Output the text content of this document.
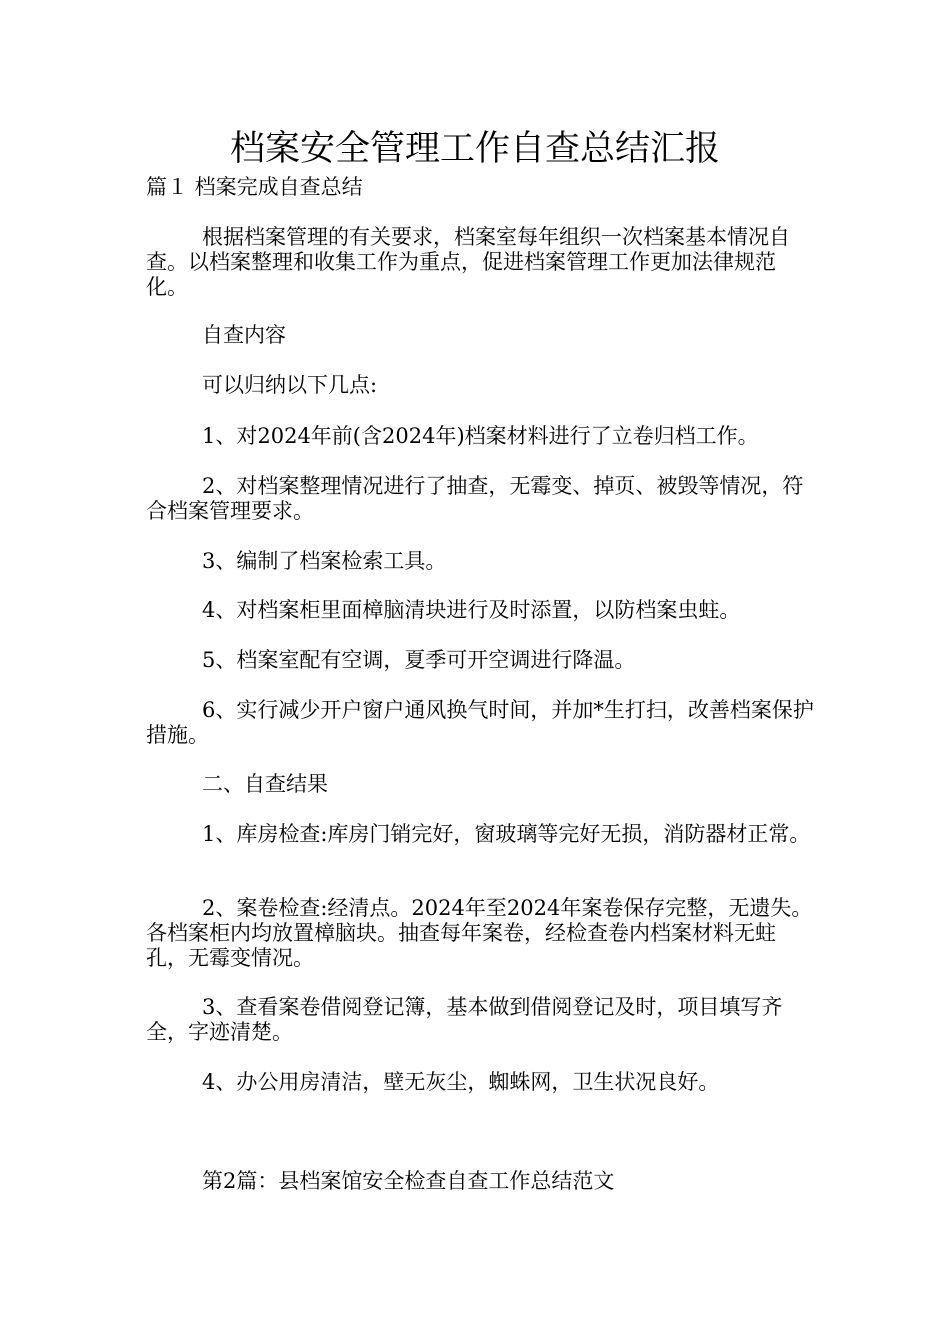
档案安全管理工作自查总结汇报
篇１ 档案完成自查总结

根据档案管理的有关要求，档案室每年组织一次档案基本情况自查。以档案整理和收集工作为重点，促进档案管理工作更加法律规范化。

自查内容

可以归纳以下几点:

1、对2024年前(含2024年)档案材料进行了立卷归档工作。

2、对档案整理情况进行了抽查，无霉变、掉页、被毁等情况，符合档案管理要求。

3、编制了档案检索工具。

4、对档案柜里面樟脑清块进行及时添置，以防档案虫蛀。

5、档案室配有空调，夏季可开空调进行降温。

6、实行减少开户窗户通风换气时间，并加*生打扫，改善档案保护措施。

二、自查结果

1、库房检查:库房门销完好，窗玻璃等完好无损，消防器材正常。

2、案卷检查:经清点。2024年至2024年案卷保存完整，无遗失。各档案柜内均放置樟脑块。抽查每年案卷，经检查卷内档案材料无蛀孔，无霉变情况。

3、查看案卷借阅登记簿，基本做到借阅登记及时，项目填写齐全，字迹清楚。

4、办公用房清洁，壁无灰尘，蜘蛛网，卫生状况良好。

第2篇：县档案馆安全检查自查工作总结范文
